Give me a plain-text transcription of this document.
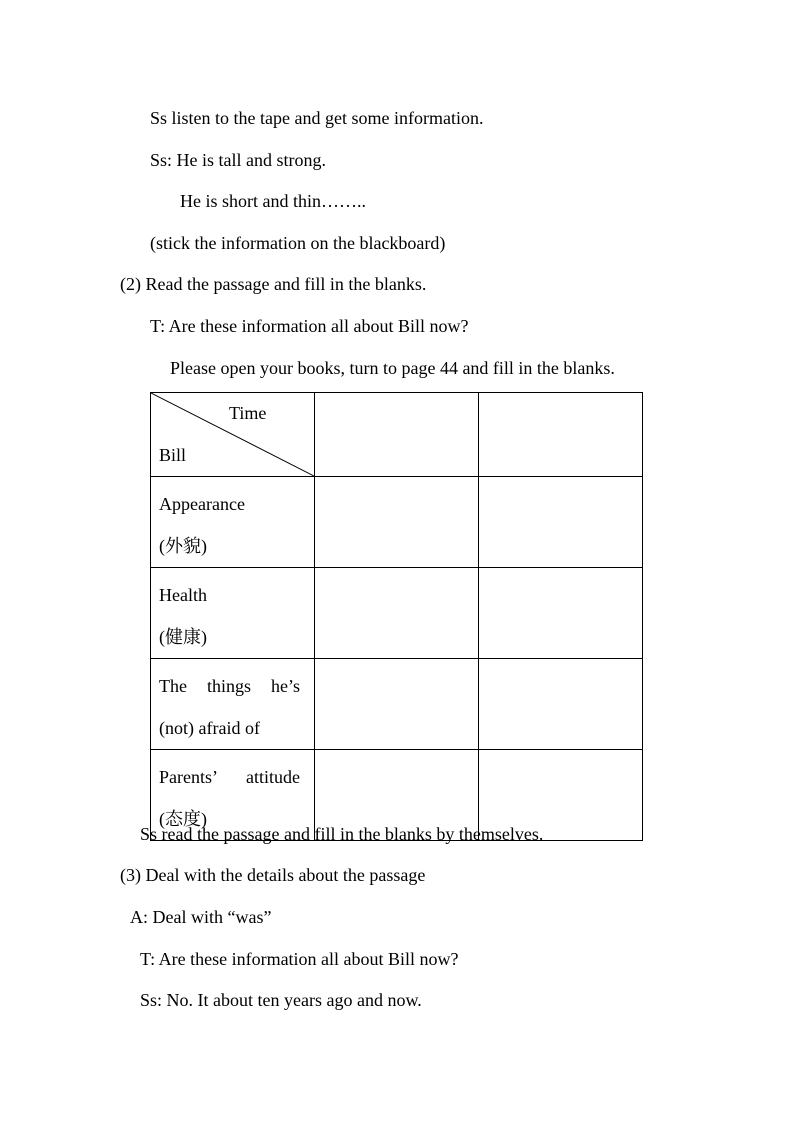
Ss listen to the tape and get some information.
Ss: He is tall and strong.
He is short and thin……..
(stick the information on the blackboard)
(2) Read the passage and fill in the blanks.
T: Are these information all about Bill now?
Please open your books, turn to page 44 and fill in the blanks.
Time
Bill		

Appearance
(外貌)		

Health
(健康)		

The things he’s
(not) afraid of		

Parents’ attitude
(态度)		

Ss read the passage and fill in the blanks by themselves.
(3) Deal with the details about the passage
A: Deal with “was”
T: Are these information all about Bill now?
Ss: No. It about ten years ago and now.
